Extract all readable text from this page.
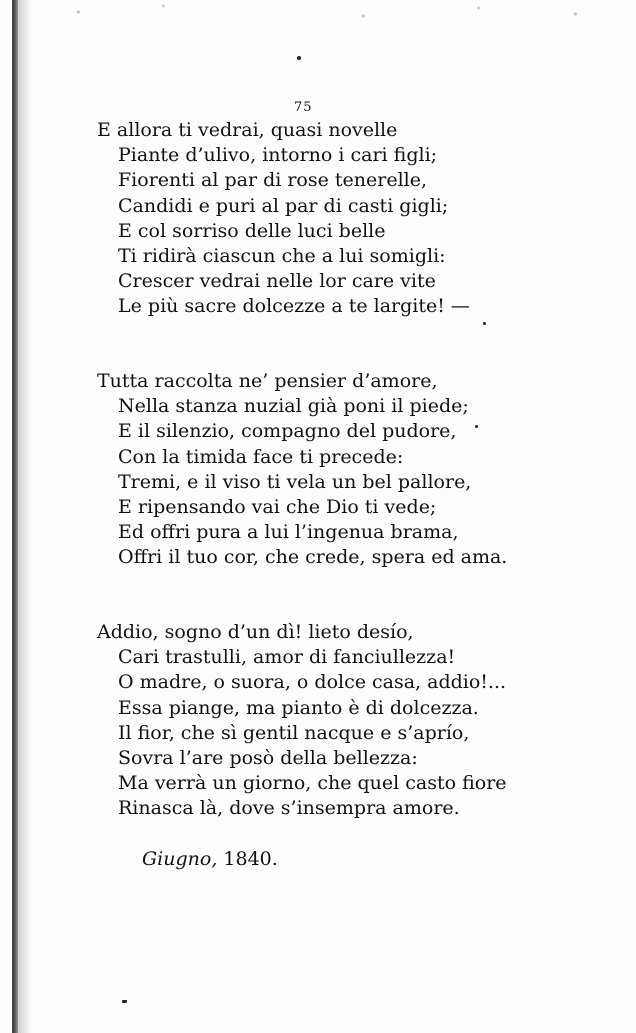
75
E allora ti vedrai, quasi novelle
Piante d’ulivo, intorno i cari figli;
Fiorenti al par di rose tenerelle,
Candidi e puri al par di casti gigli;
E col sorriso delle luci belle
Ti ridirà ciascun che a lui somigli:
Crescer vedrai nelle lor care vite
Le più sacre dolcezze a te largite! —
Tutta raccolta ne’ pensier d’amore,
Nella stanza nuzial già poni il piede;
E il silenzio, compagno del pudore,
Con la timida face ti precede:
Tremi, e il viso ti vela un bel pallore,
E ripensando vai che Dio ti vede;
Ed offri pura a lui l’ingenua brama,
Offri il tuo cor, che crede, spera ed ama.
Addio, sogno d’un dì! lieto desío,
Cari trastulli, amor di fanciullezza!
O madre, o suora, o dolce casa, addio!...
Essa piange, ma pianto è di dolcezza.
Il fior, che sì gentil nacque e s’aprío,
Sovra l’are posò della bellezza:
Ma verrà un giorno, che quel casto fiore
Rinasca là, dove s’insempra amore.
Giugno, 1840.
